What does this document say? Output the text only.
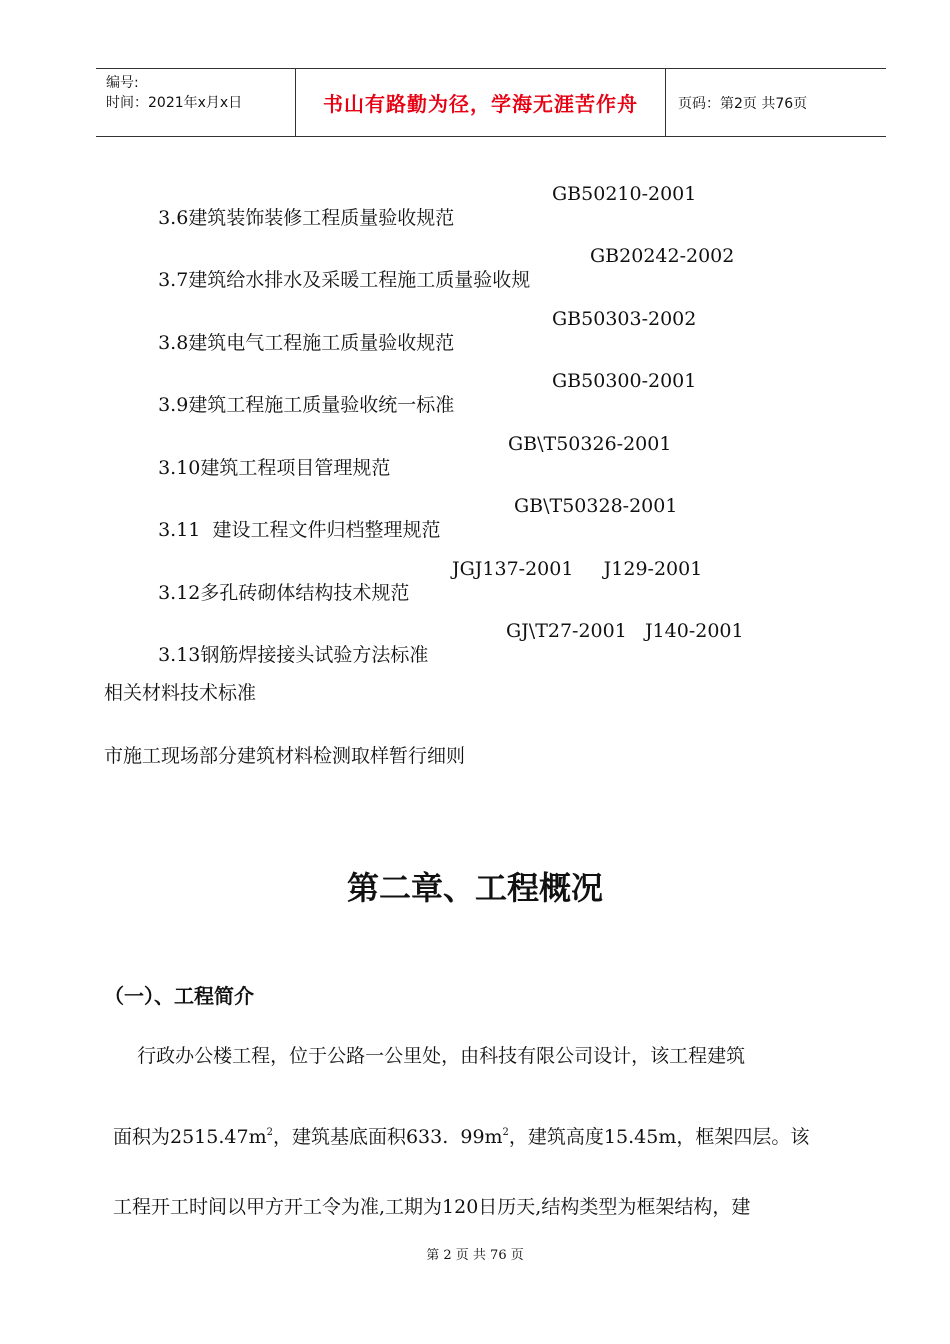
编号:
时间：2021年x月x日	书山有路勤为径，学海无涯苦作舟	页码：第2页 共76页

3.6建筑装饰装修工程质量验收规范

GB50210-2001

3.7建筑给水排水及采暖工程施工质量验收规

GB20242-2002

3.8建筑电气工程施工质量验收规范

GB50303-2002

3.9建筑工程施工质量验收统一标准

GB50300-2001

3.10建筑工程项目管理规范

GB\T50326-2001

3.11  建设工程文件归档整理规范

GB\T50328-2001

3.12多孔砖砌体结构技术规范

JGJ137-2001     J129-2001

3.13钢筋焊接接头试验方法标准

GJ\T27-2001   J140-2001

相关材料技术标准
市施工现场部分建筑材料检测取样暂行细则
第二章、工程概况
（一）、工程简介
行政办公楼工程，位于公路一公里处，由科技有限公司设计，该工程建筑
面积为$2515.47m^2$，建筑基底面积633.  $99m^2$，建筑高度15.45m，框架四层。该
工程开工时间以甲方开工令为准,工期为120日历天,结构类型为框架结构，建
第 2 页 共 76 页
